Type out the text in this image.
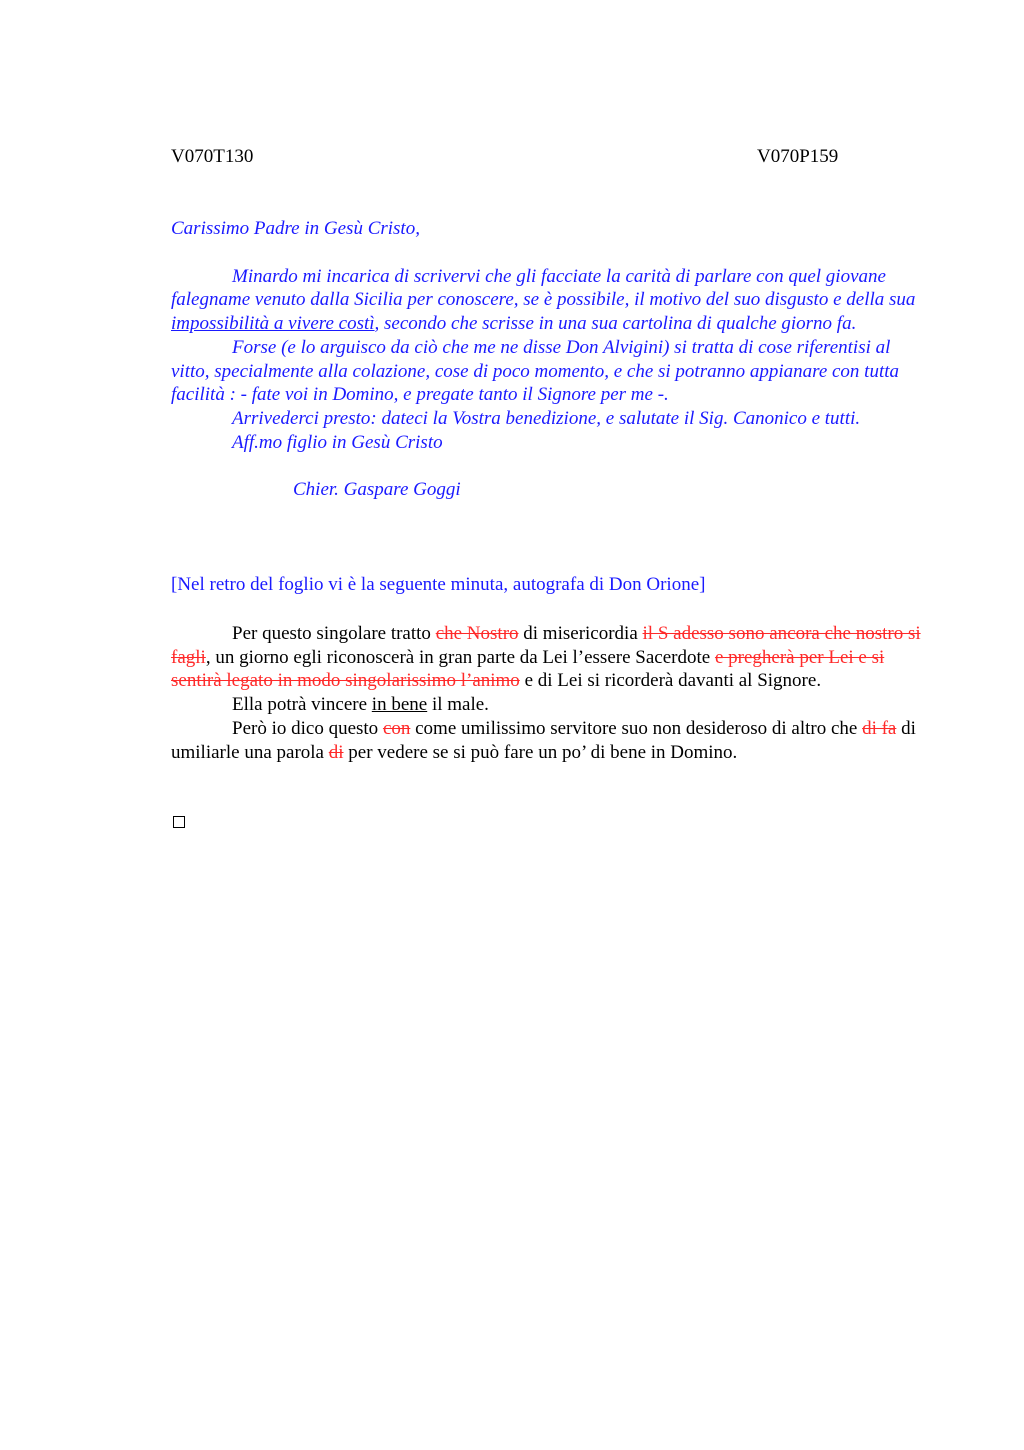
V070T130	V070P159

Carissimo Padre in Gesù Cristo,

Minardo mi incarica di scrivervi che gli facciate la carità di parlare con quel giovane falegname venuto dalla Sicilia per conoscere, se è possibile, il motivo del suo disgusto e della sua impossibilità a vivere costì, secondo che scrisse in una sua cartolina di qualche giorno fa.

Forse (e lo arguisco da ciò che me ne disse Don Alvigini) si tratta di cose riferentisi al vitto, specialmente alla colazione, cose di poco momento, e che si potranno appianare con tutta facilità : - fate voi in Domino, e pregate tanto il Signore per me -.

Arrivederci presto: dateci la Vostra benedizione, e salutate il Sig. Canonico e tutti.

Aff.mo figlio in Gesù Cristo

Chier. Gaspare Goggi

[Nel retro del foglio vi è la seguente minuta, autografa di Don Orione]

Per questo singolare tratto che Nostro di misericordia il S adesso sono ancora che nostro si fagli, un giorno egli riconoscerà in gran parte da Lei l’essere Sacerdote e pregherà per Lei e si sentirà legato in modo singolarissimo l’animo e di Lei si ricorderà davanti al Signore.

Ella potrà vincere in bene il male.

Però io dico questo con come umilissimo servitore suo non desideroso di altro che di fa di umiliarle una parola di per vedere se si può fare un po’ di bene in Domino.
